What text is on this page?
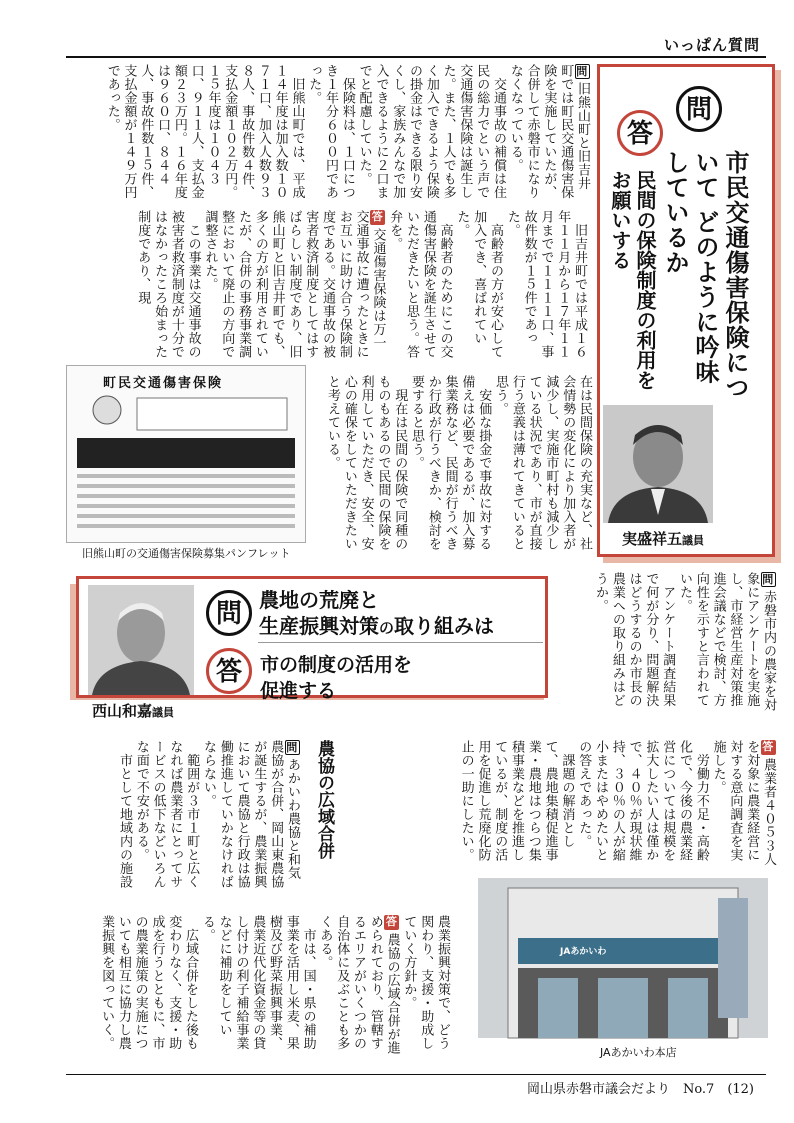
いっぱん質問
問
答
市民交通傷害保険について どのように吟味しているか
民間の保険制度の利用を お願いする
実盛祥五議員
問旧熊山町と旧吉井町では町民交通傷害保険を実施していたが、合併して赤磐市になりなくなっている。
　交通事故の補償は住民の総力でという声で交通傷害保険は誕生した。また、１人でも多く加入できるよう保険の掛金はできる限り安くし、家族みんなで加入できるように２口までと配慮していた。
　保険料は、１口につき１年分６００円であった。
　旧熊山町では、平成１４年度は加入数１０７１口、加入人数９３８人、事故件数４件、支払金額１０２万円。１５年度は１０４３口、９１１人、支払金額２３万円。１６年度は９６０口、８４４人、事故件数１５件、支払金額が１４９万円であった。
　旧吉井町では平成１６年１１月から１７年１１月までで１１１１口、事故件数が１５件であった。
　高齢者の方が安心して加入でき、喜ばれていた。
　高齢者のためにこの交通傷害保険を誕生させていただきたいと思う。答弁を。
答交通傷害保険は万一交通事故に遭ったときにお互いに助け合う保険制度である。交通事故の被害者救済制度としてはすばらしい制度であり、旧熊山町と旧吉井町でも、多くの方が利用されていたが、合併の事務事業調整において廃止の方向で調整された。
　この事業は交通事故の被害者救済制度が十分ではなかったころ始まった制度であり、現
在は民間保険の充実など、社会情勢の変化により加入者が減少し、実施市町村も減少している状況であり、市が直接行う意義は薄れてきていると思う。
　安価な掛金で事故に対する備えは必要であるが、加入募集業務など、民間が行うべきか行政が行うべきか、検討を要すると思う。
　現在は民間の保険で同種のものもあるので民間の保険を利用していただき、安全、安心の確保をしていただきたいと考えている。
町民交通傷害保険
旧熊山町の交通傷害保険募集パンフレット
西山和嘉議員
問
答
農地の荒廃と
生産振興対策の取り組みは
市の制度の活用を
促進する
問赤磐市内の農家を対象にアンケートを実施し、市経営生産対策推進会議などで検討、方向性を示すと言われていた。
　アンケート調査結果で何が分り、問題解決はどうするのか市長の農業への取り組みはどうか。
答農業者４０５３人を対象に農業経営に対する意向調査を実施した。
　労働力不足・高齢化で、今後の農業経営については規模を拡大したい人は僅かで、４０％が現状維持、３０％の人が縮小またはやめたいとの答えであった。
　課題の解消として、農地集積促進事業・農地はつらつ集積事業などを推進しているが、制度の活用を促進し荒廃化防止の一助にしたい。
農協の広域合併
問あかいわ農協と和気農協が合併、岡山東農協が誕生するが、農業振興において農協と行政は協働推進していかなければならない。
　範囲が３市１町と広くなれば農業者にとってサービスの低下などいろんな面で不安がある。
　市として地域内の施設
農業振興対策で、どう関わり、支援・助成していく方針か。
答農協の広域合併が進められており、管轄するエリアがいくつかの自治体に及ぶことも多くある。
　市は、国・県の補助事業を活用し米麦、果樹及び野菜振興事業、農業近代化資金等の貸し付けの利子補給事業などに補助をしている。
　広域合併をした後も変わりなく、支援・助成を行うとともに、市の農業施策の実施についても相互に協力し農業振興を図っていく。	JAあかいわ
JAあかいわ本店
岡山県赤磐市議会だより　No.7　(12)
